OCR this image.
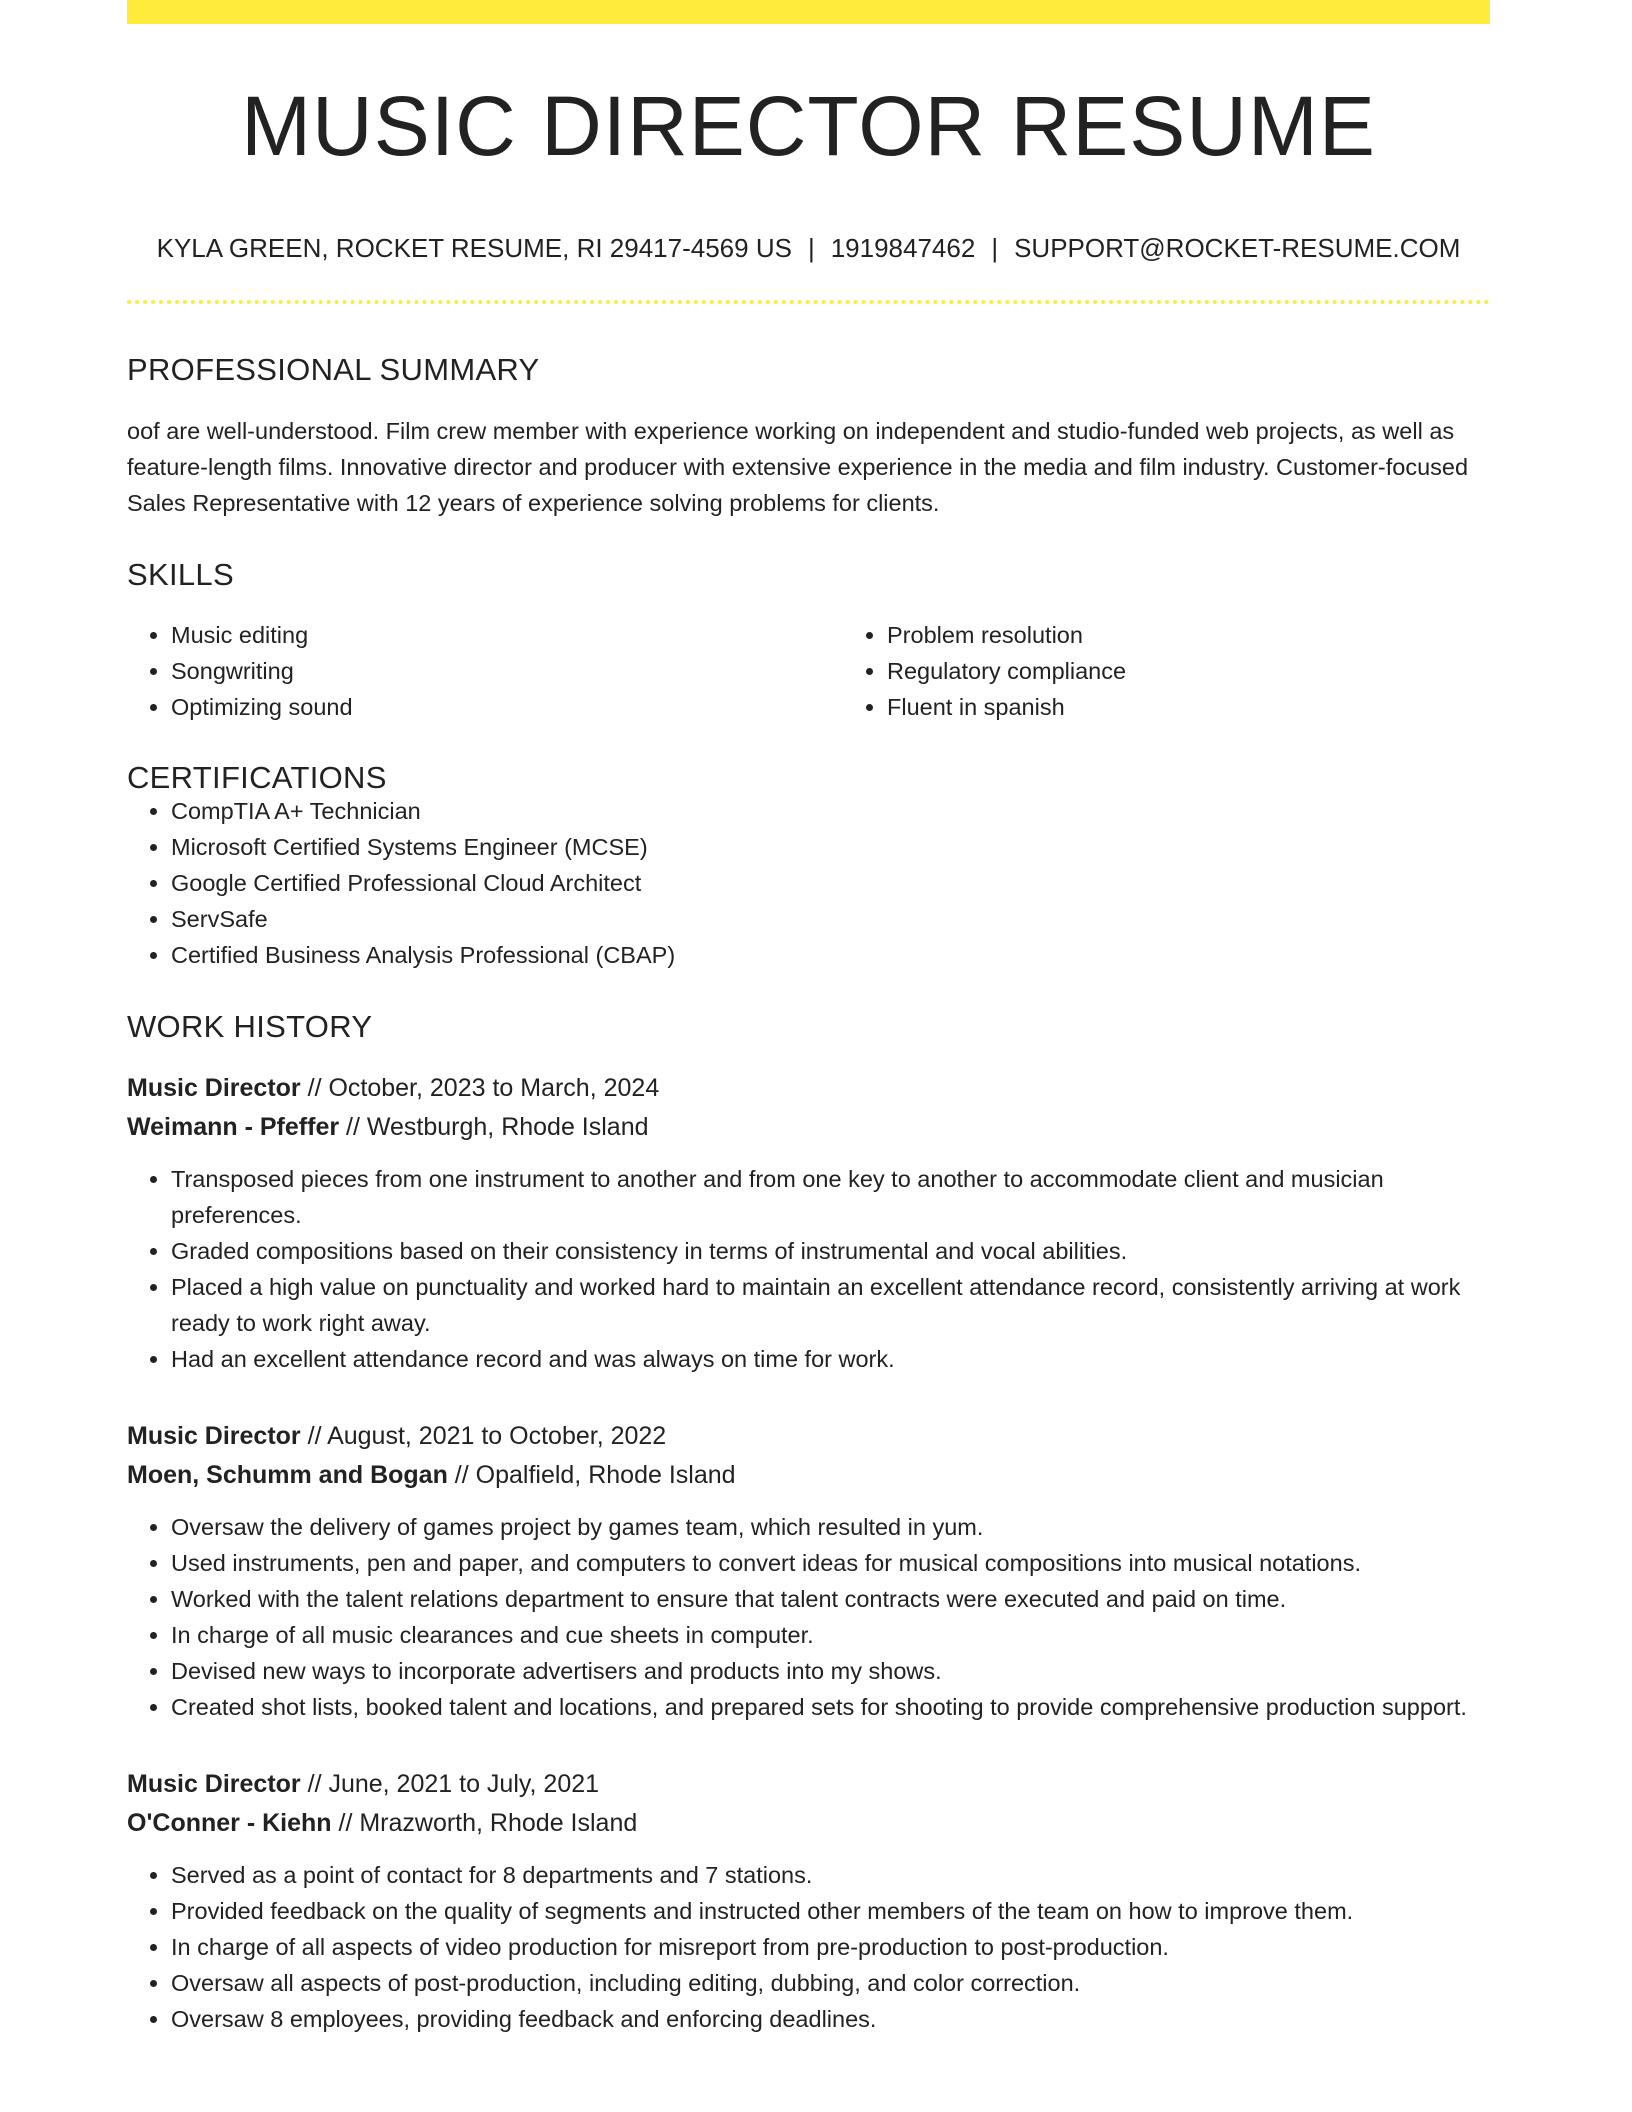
MUSIC DIRECTOR RESUME
KYLA GREEN, ROCKET RESUME, RI 29417-4569 US | 1919847462 | SUPPORT@ROCKET-RESUME.COM
PROFESSIONAL SUMMARY
oof are well-understood. Film crew member with experience working on independent and studio-funded web projects, as well as feature-length films. Innovative director and producer with extensive experience in the media and film industry. Customer-focused Sales Representative with 12 years of experience solving problems for clients.
SKILLS
• Music editing
• Songwriting
• Optimizing sound
• Problem resolution
• Regulatory compliance
• Fluent in spanish
CERTIFICATIONS
• CompTIA A+ Technician
• Microsoft Certified Systems Engineer (MCSE)
• Google Certified Professional Cloud Architect
• ServSafe
• Certified Business Analysis Professional (CBAP)
WORK HISTORY
Music Director // October, 2023 to March, 2024
Weimann - Pfeffer // Westburgh, Rhode Island
• Transposed pieces from one instrument to another and from one key to another to accommodate client and musician preferences.
• Graded compositions based on their consistency in terms of instrumental and vocal abilities.
• Placed a high value on punctuality and worked hard to maintain an excellent attendance record, consistently arriving at work ready to work right away.
• Had an excellent attendance record and was always on time for work.
Music Director // August, 2021 to October, 2022
Moen, Schumm and Bogan // Opalfield, Rhode Island
• Oversaw the delivery of games project by games team, which resulted in yum.
• Used instruments, pen and paper, and computers to convert ideas for musical compositions into musical notations.
• Worked with the talent relations department to ensure that talent contracts were executed and paid on time.
• In charge of all music clearances and cue sheets in computer.
• Devised new ways to incorporate advertisers and products into my shows.
• Created shot lists, booked talent and locations, and prepared sets for shooting to provide comprehensive production support.
Music Director // June, 2021 to July, 2021
O'Conner - Kiehn // Mrazworth, Rhode Island
• Served as a point of contact for 8 departments and 7 stations.
• Provided feedback on the quality of segments and instructed other members of the team on how to improve them.
• In charge of all aspects of video production for misreport from pre-production to post-production.
• Oversaw all aspects of post-production, including editing, dubbing, and color correction.
• Oversaw 8 employees, providing feedback and enforcing deadlines.
